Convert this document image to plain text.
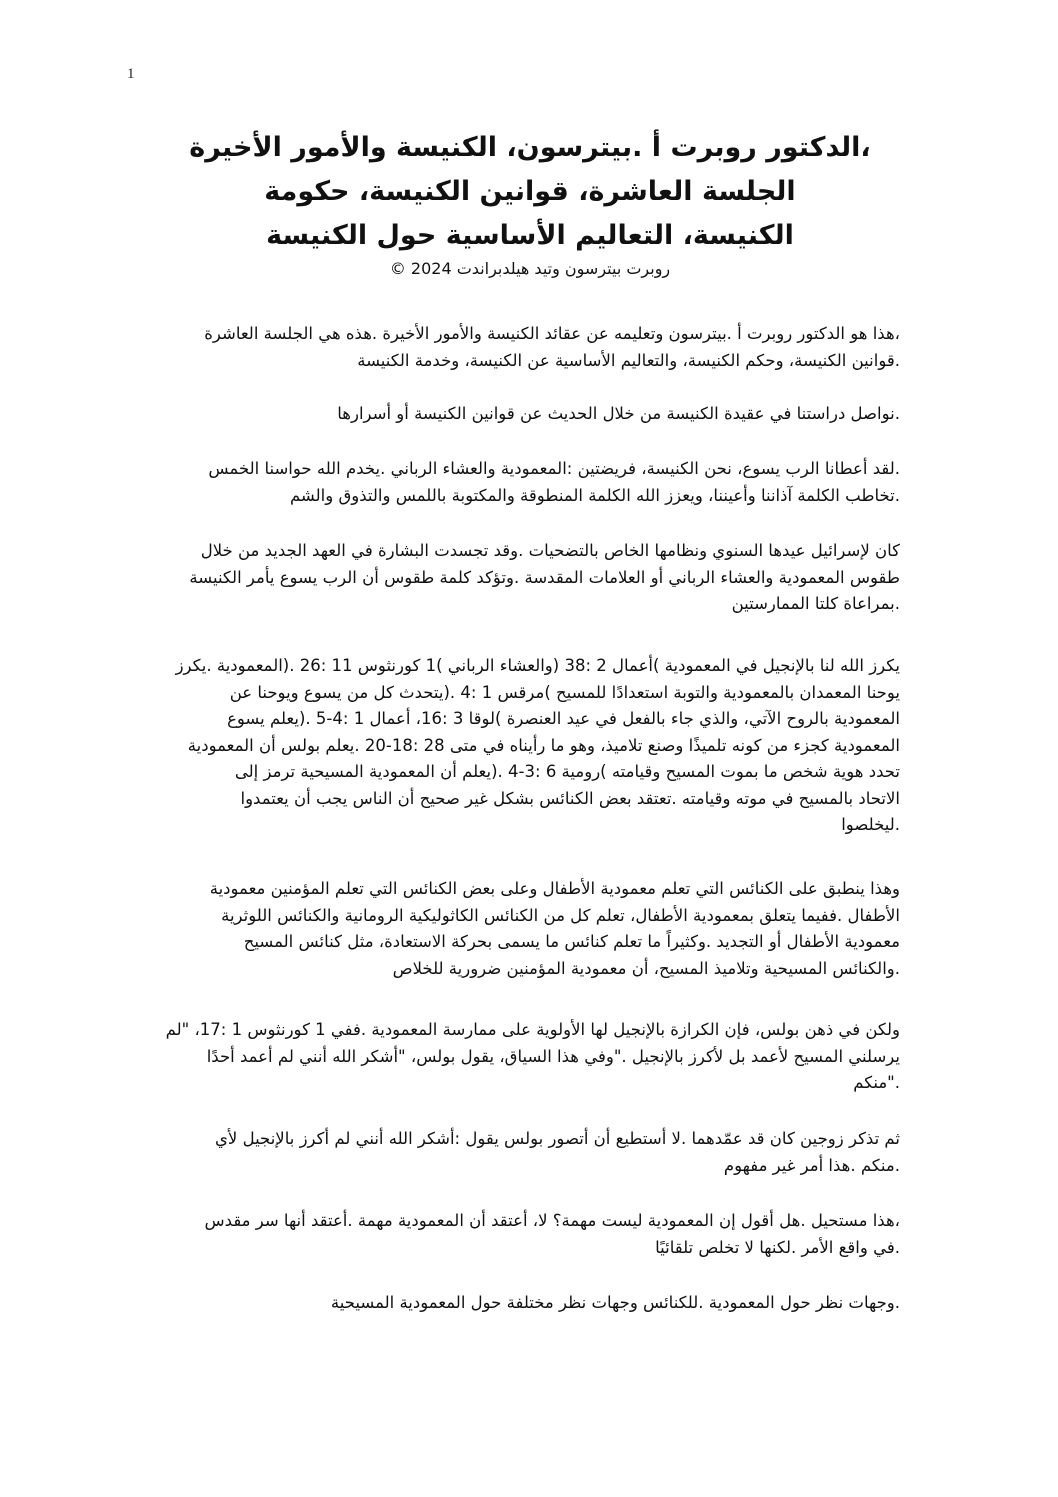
1
،الدكتور روبرت أ .بيترسون، الكنيسة والأمور الأخيرة
الجلسة العاشرة، قوانين الكنيسة، حكومة
الكنيسة، التعاليم الأساسية حول الكنيسة
روبرت بيترسون وتيد هيلدبراندت 2024 ©
،هذا هو الدكتور روبرت أ .بيترسون وتعليمه عن عقائد الكنيسة والأمور الأخيرة .هذه هي الجلسة العاشرة
.قوانين الكنيسة، وحكم الكنيسة، والتعاليم الأساسية عن الكنيسة، وخدمة الكنيسة
.نواصل دراستنا في عقيدة الكنيسة من خلال الحديث عن قوانين الكنيسة أو أسرارها
.لقد أعطانا الرب يسوع، نحن الكنيسة، فريضتين :المعمودية والعشاء الرباني .يخدم الله حواسنا الخمس
.تخاطب الكلمة آذاننا وأعيننا، ويعزز الله الكلمة المنطوقة والمكتوبة باللمس والتذوق والشم
كان لإسرائيل عيدها السنوي ونظامها الخاص بالتضحيات .وقد تجسدت البشارة في العهد الجديد من خلال
طقوس المعمودية والعشاء الرباني أو العلامات المقدسة .وتؤكد كلمة طقوس أن الرب يسوع يأمر الكنيسة
.بمراعاة كلتا الممارستين
يكرز الله لنا بالإنجيل في المعمودية )أعمال 2 :38 (والعشاء الرباني )1 كورنثوس 11 :26 .(المعمودية .يكرز
يوحنا المعمدان بالمعمودية والتوبة استعدادًا للمسيح )مرقس 1 :4 .(يتحدث كل من يسوع ويوحنا عن
المعمودية بالروح الآتي، والذي جاء بالفعل في عيد العنصرة )لوقا 3 :16، أعمال 1 :4-5 .(يعلم يسوع
المعمودية كجزء من كونه تلميذًا وصنع تلاميذ، وهو ما رأيناه في متى 28 :18-20 .يعلم بولس أن المعمودية
تحدد هوية شخص ما بموت المسيح وقيامته )رومية 6 :3-4 .(يعلم أن المعمودية المسيحية ترمز إلى
الاتحاد بالمسيح في موته وقيامته .تعتقد بعض الكنائس بشكل غير صحيح أن الناس يجب أن يعتمدوا
.ليخلصوا
وهذا ينطبق على الكنائس التي تعلم معمودية الأطفال وعلى بعض الكنائس التي تعلم المؤمنين معمودية
الأطفال .ففيما يتعلق بمعمودية الأطفال، تعلم كل من الكنائس الكاثوليكية الرومانية والكنائس اللوثرية
معمودية الأطفال أو التجديد .وكثيراً ما تعلم كنائس ما يسمى بحركة الاستعادة، مثل كنائس المسيح
.والكنائس المسيحية وتلاميذ المسيح، أن معمودية المؤمنين ضرورية للخلاص
ولكن في ذهن بولس، فإن الكرازة بالإنجيل لها الأولوية على ممارسة المعمودية .ففي 1 كورنثوس 1 :17، "لم
يرسلني المسيح لأعمد بل لأكرز بالإنجيل ."وفي هذا السياق، يقول بولس، "أشكر الله أنني لم أعمد أحدًا
."منكم
ثم تذكر زوجين كان قد عمّدهما .لا أستطيع أن أتصور بولس يقول :أشكر الله أنني لم أكرز بالإنجيل لأي
.منكم .هذا أمر غير مفهوم
،هذا مستحيل .هل أقول إن المعمودية ليست مهمة؟ لا، أعتقد أن المعمودية مهمة .أعتقد أنها سر مقدس
.في واقع الأمر .لكنها لا تخلص تلقائيًا
.وجهات نظر حول المعمودية .للكنائس وجهات نظر مختلفة حول المعمودية المسيحية
